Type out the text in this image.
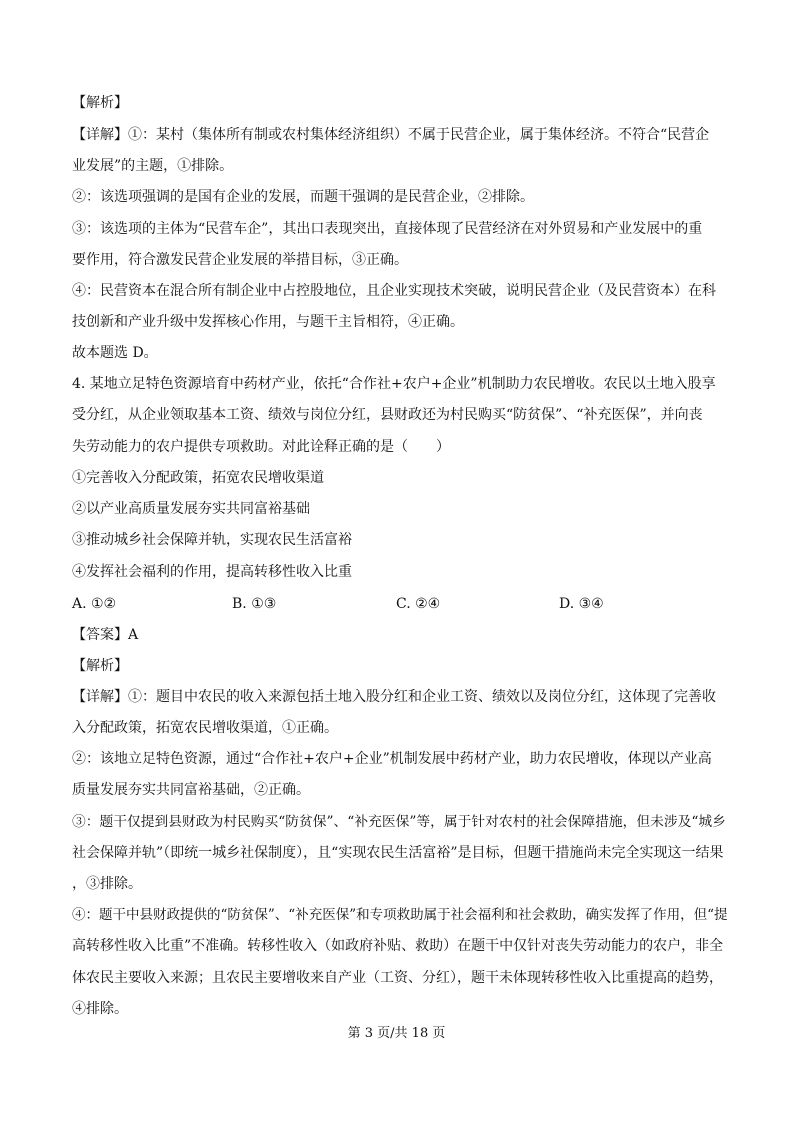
【解析】
【详解】①：某村（集体所有制或农村集体经济组织）不属于民营企业，属于集体经济。不符合“民营企
业发展”的主题，①排除。
②：该选项强调的是国有企业的发展，而题干强调的是民营企业，②排除。
③：该选项的主体为“民营车企”，其出口表现突出，直接体现了民营经济在对外贸易和产业发展中的重
要作用，符合激发民营企业发展的举措目标，③正确。
④：民营资本在混合所有制企业中占控股地位，且企业实现技术突破，说明民营企业（及民营资本）在科
技创新和产业升级中发挥核心作用，与题干主旨相符，④正确。
故本题选 D。
4. 某地立足特色资源培育中药材产业，依托“合作社+农户+企业”机制助力农民增收。农民以土地入股享
受分红，从企业领取基本工资、绩效与岗位分红，县财政还为村民购买“防贫保”、“补充医保”，并向丧
失劳动能力的农户提供专项救助。对此诠释正确的是（　　）
①完善收入分配政策，拓宽农民增收渠道
②以产业高质量发展夯实共同富裕基础
③推动城乡社会保障并轨，实现农民生活富裕
④发挥社会福利的作用，提高转移性收入比重
A. ①②	B. ①③	C. ②④	D. ③④
【答案】A
【解析】
【详解】①：题目中农民的收入来源包括土地入股分红和企业工资、绩效以及岗位分红，这体现了完善收
入分配政策，拓宽农民增收渠道，①正确。
②：该地立足特色资源，通过“合作社+农户+企业”机制发展中药材产业，助力农民增收，体现以产业高
质量发展夯实共同富裕基础，②正确。
③：题干仅提到县财政为村民购买“防贫保”、“补充医保”等，属于针对农村的社会保障措施，但未涉及“城乡
社会保障并轨”（即统一城乡社保制度），且“实现农民生活富裕”是目标，但题干措施尚未完全实现这一结果
，③排除。
④：题干中县财政提供的“防贫保”、“补充医保”和专项救助属于社会福利和社会救助，确实发挥了作用，但“提
高转移性收入比重”不准确。转移性收入（如政府补贴、救助）在题干中仅针对丧失劳动能力的农户，非全
体农民主要收入来源；且农民主要增收来自产业（工资、分红），题干未体现转移性收入比重提高的趋势，
④排除。
第 3 页/共 18 页
